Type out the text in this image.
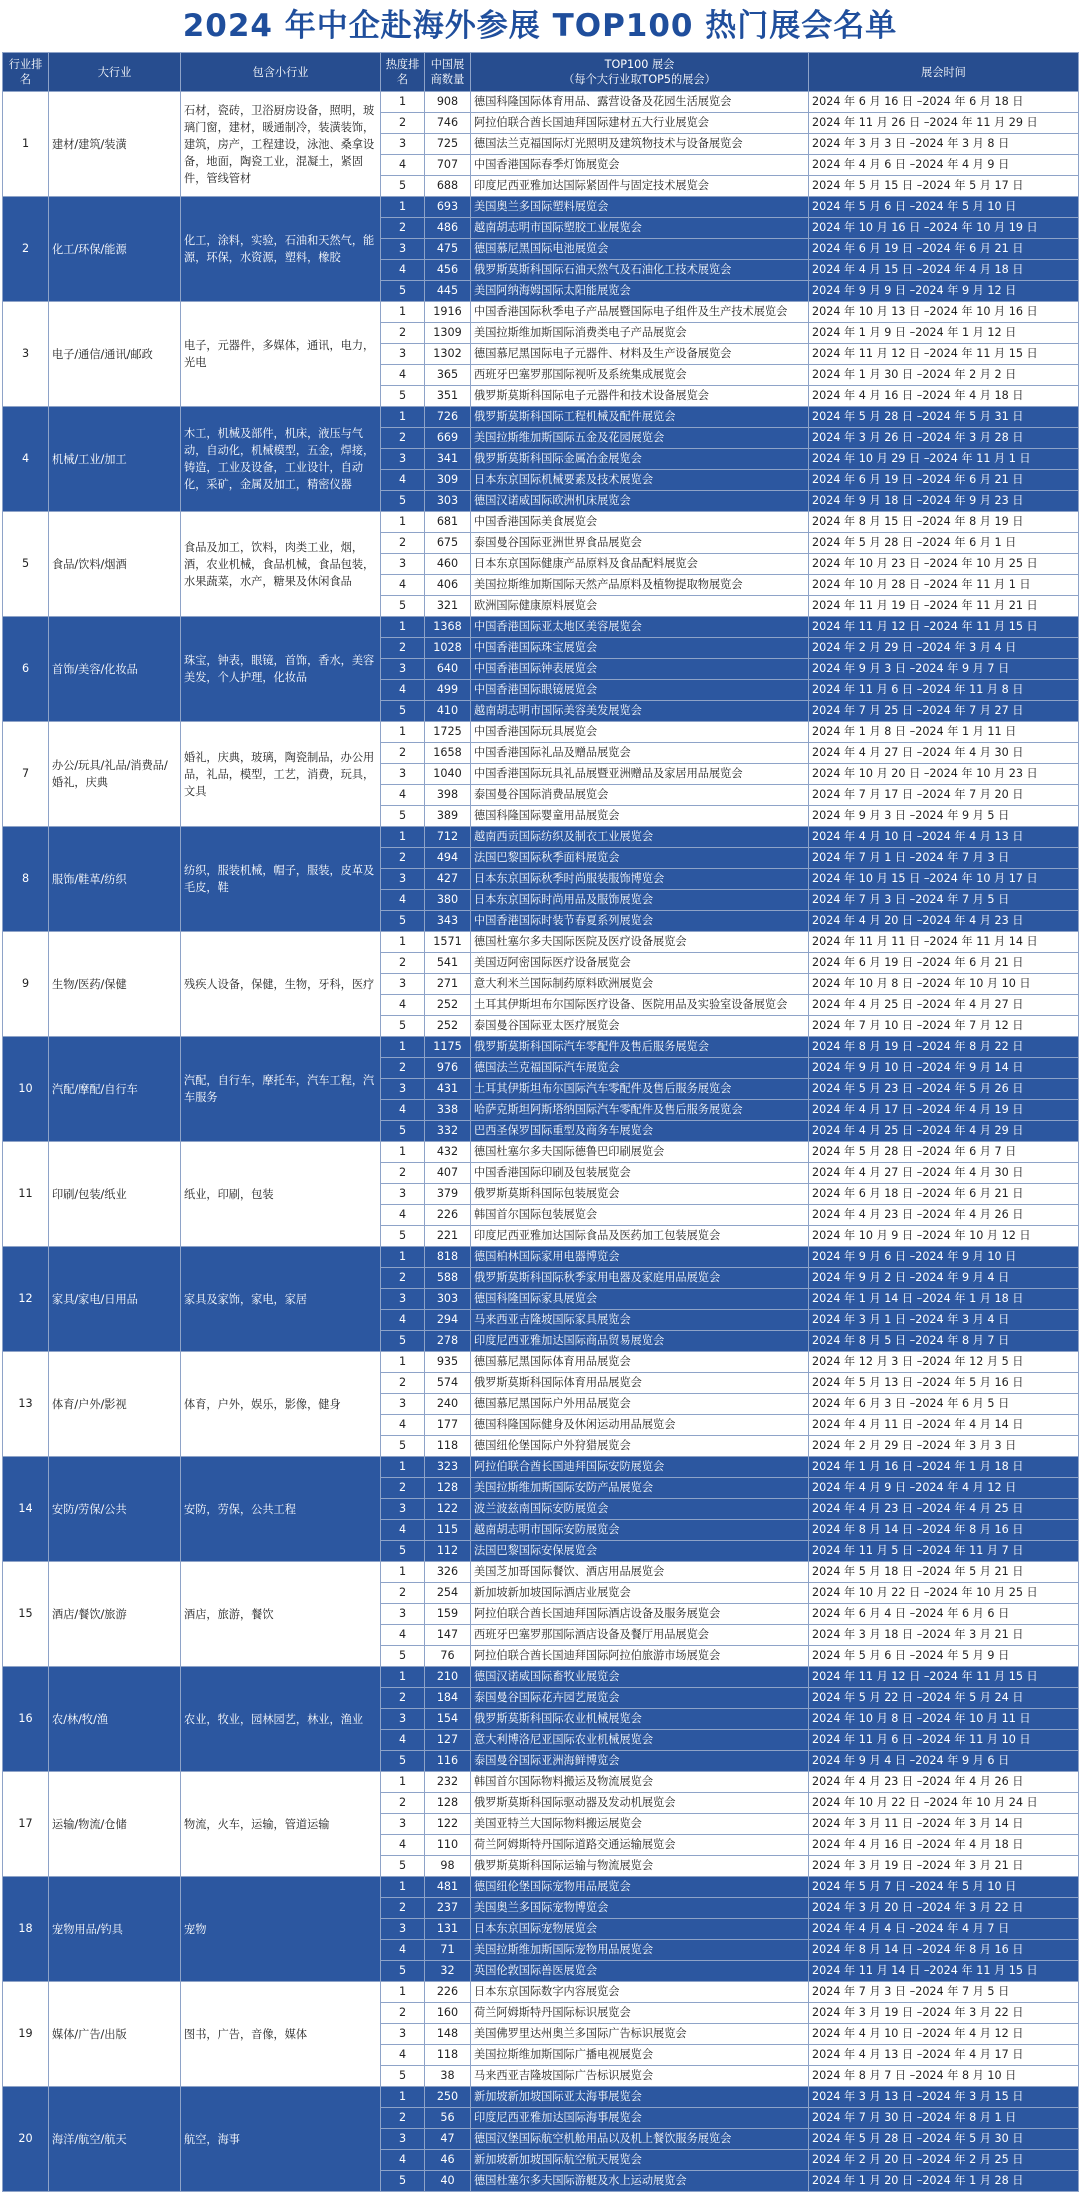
2024 年中企赴海外参展 TOP100 热门展会名单
行业排名	大行业	包含小行业	热度排名	中国展商数量	TOP100 展会
（每个大行业取TOP5的展会）	展会时间
1	建材/建筑/装潢	石材，瓷砖，卫浴厨房设备，照明，玻璃门窗，建材，暖通制冷，装潢装饰，建筑，房产，工程建设，泳池、桑拿设备，地面，陶瓷工业，混凝土，紧固件，管线管材	1	908	德国科隆国际体育用品、露营设备及花园生活展览会	2024 年 6 月 16 日 –2024 年 6 月 18 日
			2	746	阿拉伯联合酋长国迪拜国际建材五大行业展览会	2024 年 11 月 26 日 –2024 年 11 月 29 日
			3	725	德国法兰克福国际灯光照明及建筑物技术与设备展览会	2024 年 3 月 3 日 –2024 年 3 月 8 日
			4	707	中国香港国际春季灯饰展览会	2024 年 4 月 6 日 –2024 年 4 月 9 日
			5	688	印度尼西亚雅加达国际紧固件与固定技术展览会	2024 年 5 月 15 日 –2024 年 5 月 17 日
2	化工/环保/能源	化工，涂料，实验，石油和天然气，能源，环保，水资源，塑料，橡胶	1	693	美国奥兰多国际塑料展览会	2024 年 5 月 6 日 –2024 年 5 月 10 日
			2	486	越南胡志明市国际塑胶工业展览会	2024 年 10 月 16 日 –2024 年 10 月 19 日
			3	475	德国慕尼黑国际电池展览会	2024 年 6 月 19 日 –2024 年 6 月 21 日
			4	456	俄罗斯莫斯科国际石油天然气及石油化工技术展览会	2024 年 4 月 15 日 –2024 年 4 月 18 日
			5	445	美国阿纳海姆国际太阳能展览会	2024 年 9 月 9 日 –2024 年 9 月 12 日
3	电子/通信/通讯/邮政	电子，元器件，多媒体，通讯，电力，光电	1	1916	中国香港国际秋季电子产品展暨国际电子组件及生产技术展览会	2024 年 10 月 13 日 –2024 年 10 月 16 日
			2	1309	美国拉斯维加斯国际消费类电子产品展览会	2024 年 1 月 9 日 –2024 年 1 月 12 日
			3	1302	德国慕尼黑国际电子元器件、材料及生产设备展览会	2024 年 11 月 12 日 –2024 年 11 月 15 日
			4	365	西班牙巴塞罗那国际视听及系统集成展览会	2024 年 1 月 30 日 –2024 年 2 月 2 日
			5	351	俄罗斯莫斯科国际电子元器件和技术设备展览会	2024 年 4 月 16 日 –2024 年 4 月 18 日
4	机械/工业/加工	木工，机械及部件，机床，液压与气动，自动化，机械模型，五金，焊接，铸造，工业及设备，工业设计，自动化，采矿，金属及加工，精密仪器	1	726	俄罗斯莫斯科国际工程机械及配件展览会	2024 年 5 月 28 日 –2024 年 5 月 31 日
			2	669	美国拉斯维加斯国际五金及花园展览会	2024 年 3 月 26 日 –2024 年 3 月 28 日
			3	341	俄罗斯莫斯科国际金属冶金展览会	2024 年 10 月 29 日 –2024 年 11 月 1 日
			4	309	日本东京国际机械要素及技术展览会	2024 年 6 月 19 日 –2024 年 6 月 21 日
			5	303	德国汉诺威国际欧洲机床展览会	2024 年 9 月 18 日 –2024 年 9 月 23 日
5	食品/饮料/烟酒	食品及加工，饮料，肉类工业，烟，酒，农业机械，食品机械，食品包装，水果蔬菜，水产，糖果及休闲食品	1	681	中国香港国际美食展览会	2024 年 8 月 15 日 –2024 年 8 月 19 日
			2	675	泰国曼谷国际亚洲世界食品展览会	2024 年 5 月 28 日 –2024 年 6 月 1 日
			3	460	日本东京国际健康产品原料及食品配料展览会	2024 年 10 月 23 日 –2024 年 10 月 25 日
			4	406	美国拉斯维加斯国际天然产品原料及植物提取物展览会	2024 年 10 月 28 日 –2024 年 11 月 1 日
			5	321	欧洲国际健康原料展览会	2024 年 11 月 19 日 –2024 年 11 月 21 日
6	首饰/美容/化妆品	珠宝，钟表，眼镜，首饰，香水，美容美发，个人护理，化妆品	1	1368	中国香港国际亚太地区美容展览会	2024 年 11 月 12 日 –2024 年 11 月 15 日
			2	1028	中国香港国际珠宝展览会	2024 年 2 月 29 日 –2024 年 3 月 4 日
			3	640	中国香港国际钟表展览会	2024 年 9 月 3 日 –2024 年 9 月 7 日
			4	499	中国香港国际眼镜展览会	2024 年 11 月 6 日 –2024 年 11 月 8 日
			5	410	越南胡志明市国际美容美发展览会	2024 年 7 月 25 日 –2024 年 7 月 27 日
7	办公/玩具/礼品/消费品/婚礼，庆典	婚礼，庆典，玻璃，陶瓷制品，办公用品，礼品，模型，工艺，消费，玩具，文具	1	1725	中国香港国际玩具展览会	2024 年 1 月 8 日 –2024 年 1 月 11 日
			2	1658	中国香港国际礼品及赠品展览会	2024 年 4 月 27 日 –2024 年 4 月 30 日
			3	1040	中国香港国际玩具礼品展暨亚洲赠品及家居用品展览会	2024 年 10 月 20 日 –2024 年 10 月 23 日
			4	398	泰国曼谷国际消费品展览会	2024 年 7 月 17 日 –2024 年 7 月 20 日
			5	389	德国科隆国际婴童用品展览会	2024 年 9 月 3 日 –2024 年 9 月 5 日
8	服饰/鞋革/纺织	纺织，服装机械，帽子，服装，皮革及毛皮，鞋	1	712	越南西贡国际纺织及制衣工业展览会	2024 年 4 月 10 日 –2024 年 4 月 13 日
			2	494	法国巴黎国际秋季面料展览会	2024 年 7 月 1 日 –2024 年 7 月 3 日
			3	427	日本东京国际秋季时尚服装服饰博览会	2024 年 10 月 15 日 –2024 年 10 月 17 日
			4	380	日本东京国际时尚用品及服饰展览会	2024 年 7 月 3 日 –2024 年 7 月 5 日
			5	343	中国香港国际时装节春夏系列展览会	2024 年 4 月 20 日 –2024 年 4 月 23 日
9	生物/医药/保健	残疾人设备，保健，生物，牙科，医疗	1	1571	德国杜塞尔多夫国际医院及医疗设备展览会	2024 年 11 月 11 日 –2024 年 11 月 14 日
			2	541	美国迈阿密国际医疗设备展览会	2024 年 6 月 19 日 –2024 年 6 月 21 日
			3	271	意大利米兰国际制药原料欧洲展览会	2024 年 10 月 8 日 –2024 年 10 月 10 日
			4	252	土耳其伊斯坦布尔国际医疗设备、医院用品及实验室设备展览会	2024 年 4 月 25 日 –2024 年 4 月 27 日
			5	252	泰国曼谷国际亚太医疗展览会	2024 年 7 月 10 日 –2024 年 7 月 12 日
10	汽配/摩配/自行车	汽配，自行车，摩托车，汽车工程，汽车服务	1	1175	俄罗斯莫斯科国际汽车零配件及售后服务展览会	2024 年 8 月 19 日 –2024 年 8 月 22 日
			2	976	德国法兰克福国际汽车展览会	2024 年 9 月 10 日 –2024 年 9 月 14 日
			3	431	土耳其伊斯坦布尔国际汽车零配件及售后服务展览会	2024 年 5 月 23 日 –2024 年 5 月 26 日
			4	338	哈萨克斯坦阿斯塔纳国际汽车零配件及售后服务展览会	2024 年 4 月 17 日 –2024 年 4 月 19 日
			5	332	巴西圣保罗国际重型及商务车展览会	2024 年 4 月 25 日 –2024 年 4 月 29 日
11	印刷/包装/纸业	纸业，印刷，包装	1	432	德国杜塞尔多夫国际德鲁巴印刷展览会	2024 年 5 月 28 日 –2024 年 6 月 7 日
			2	407	中国香港国际印刷及包装展览会	2024 年 4 月 27 日 –2024 年 4 月 30 日
			3	379	俄罗斯莫斯科国际包装展览会	2024 年 6 月 18 日 –2024 年 6 月 21 日
			4	226	韩国首尔国际包装展览会	2024 年 4 月 23 日 –2024 年 4 月 26 日
			5	221	印度尼西亚雅加达国际食品及医药加工包装展览会	2024 年 10 月 9 日 –2024 年 10 月 12 日
12	家具/家电/日用品	家具及家饰，家电，家居	1	818	德国柏林国际家用电器博览会	2024 年 9 月 6 日 –2024 年 9 月 10 日
			2	588	俄罗斯莫斯科国际秋季家用电器及家庭用品展览会	2024 年 9 月 2 日 –2024 年 9 月 4 日
			3	303	德国科隆国际家具展览会	2024 年 1 月 14 日 –2024 年 1 月 18 日
			4	294	马来西亚吉隆坡国际家具展览会	2024 年 3 月 1 日 –2024 年 3 月 4 日
			5	278	印度尼西亚雅加达国际商品贸易展览会	2024 年 8 月 5 日 –2024 年 8 月 7 日
13	体育/户外/影视	体育，户外，娱乐，影像，健身	1	935	德国慕尼黑国际体育用品展览会	2024 年 12 月 3 日 –2024 年 12 月 5 日
			2	574	俄罗斯莫斯科国际体育用品展览会	2024 年 5 月 13 日 –2024 年 5 月 16 日
			3	240	德国慕尼黑国际户外用品展览会	2024 年 6 月 3 日 –2024 年 6 月 5 日
			4	177	德国科隆国际健身及休闲运动用品展览会	2024 年 4 月 11 日 –2024 年 4 月 14 日
			5	118	德国纽伦堡国际户外狩猎展览会	2024 年 2 月 29 日 –2024 年 3 月 3 日
14	安防/劳保/公共	安防，劳保，公共工程	1	323	阿拉伯联合酋长国迪拜国际安防展览会	2024 年 1 月 16 日 –2024 年 1 月 18 日
			2	128	美国拉斯维加斯国际安防产品展览会	2024 年 4 月 9 日 –2024 年 4 月 12 日
			3	122	波兰波兹南国际安防展览会	2024 年 4 月 23 日 –2024 年 4 月 25 日
			4	115	越南胡志明市国际安防展览会	2024 年 8 月 14 日 –2024 年 8 月 16 日
			5	112	法国巴黎国际安保展览会	2024 年 11 月 5 日 –2024 年 11 月 7 日
15	酒店/餐饮/旅游	酒店，旅游，餐饮	1	326	美国芝加哥国际餐饮、酒店用品展览会	2024 年 5 月 18 日 –2024 年 5 月 21 日
			2	254	新加坡新加坡国际酒店业展览会	2024 年 10 月 22 日 –2024 年 10 月 25 日
			3	159	阿拉伯联合酋长国迪拜国际酒店设备及服务展览会	2024 年 6 月 4 日 –2024 年 6 月 6 日
			4	147	西班牙巴塞罗那国际酒店设备及餐厅用品展览会	2024 年 3 月 18 日 –2024 年 3 月 21 日
			5	76	阿拉伯联合酋长国迪拜国际阿拉伯旅游市场展览会	2024 年 5 月 6 日 –2024 年 5 月 9 日
16	农/林/牧/渔	农业，牧业，园林园艺，林业，渔业	1	210	德国汉诺威国际畜牧业展览会	2024 年 11 月 12 日 –2024 年 11 月 15 日
			2	184	泰国曼谷国际花卉园艺展览会	2024 年 5 月 22 日 –2024 年 5 月 24 日
			3	154	俄罗斯莫斯科国际农业机械展览会	2024 年 10 月 8 日 –2024 年 10 月 11 日
			4	127	意大利博洛尼亚国际农业机械展览会	2024 年 11 月 6 日 –2024 年 11 月 10 日
			5	116	泰国曼谷国际亚洲海鲜博览会	2024 年 9 月 4 日 –2024 年 9 月 6 日
17	运输/物流/仓储	物流，火车，运输，管道运输	1	232	韩国首尔国际物料搬运及物流展览会	2024 年 4 月 23 日 –2024 年 4 月 26 日
			2	128	俄罗斯莫斯科国际驱动器及发动机展览会	2024 年 10 月 22 日 –2024 年 10 月 24 日
			3	122	美国亚特兰大国际物料搬运展览会	2024 年 3 月 11 日 –2024 年 3 月 14 日
			4	110	荷兰阿姆斯特丹国际道路交通运输展览会	2024 年 4 月 16 日 –2024 年 4 月 18 日
			5	98	俄罗斯莫斯科国际运输与物流展览会	2024 年 3 月 19 日 –2024 年 3 月 21 日
18	宠物用品/钓具	宠物	1	481	德国纽伦堡国际宠物用品展览会	2024 年 5 月 7 日 –2024 年 5 月 10 日
			2	237	美国奥兰多国际宠物博览会	2024 年 3 月 20 日 –2024 年 3 月 22 日
			3	131	日本东京国际宠物展览会	2024 年 4 月 4 日 –2024 年 4 月 7 日
			4	71	美国拉斯维加斯国际宠物用品展览会	2024 年 8 月 14 日 –2024 年 8 月 16 日
			5	32	英国伦敦国际兽医展览会	2024 年 11 月 14 日 –2024 年 11 月 15 日
19	媒体/广告/出版	图书，广告，音像，媒体	1	226	日本东京国际数字内容展览会	2024 年 7 月 3 日 –2024 年 7 月 5 日
			2	160	荷兰阿姆斯特丹国际标识展览会	2024 年 3 月 19 日 –2024 年 3 月 22 日
			3	148	美国佛罗里达州奥兰多国际广告标识展览会	2024 年 4 月 10 日 –2024 年 4 月 12 日
			4	118	美国拉斯维加斯国际广播电视展览会	2024 年 4 月 13 日 –2024 年 4 月 17 日
			5	38	马来西亚吉隆坡国际广告标识展览会	2024 年 8 月 7 日 –2024 年 8 月 10 日
20	海洋/航空/航天	航空，海事	1	250	新加坡新加坡国际亚太海事展览会	2024 年 3 月 13 日 –2024 年 3 月 15 日
			2	56	印度尼西亚雅加达国际海事展览会	2024 年 7 月 30 日 –2024 年 8 月 1 日
			3	47	德国汉堡国际航空机舱用品以及机上餐饮服务展览会	2024 年 5 月 28 日 –2024 年 5 月 30 日
			4	46	新加坡新加坡国际航空航天展览会	2024 年 2 月 20 日 –2024 年 2 月 25 日
			5	40	德国杜塞尔多夫国际游艇及水上运动展览会	2024 年 1 月 20 日 –2024 年 1 月 28 日
